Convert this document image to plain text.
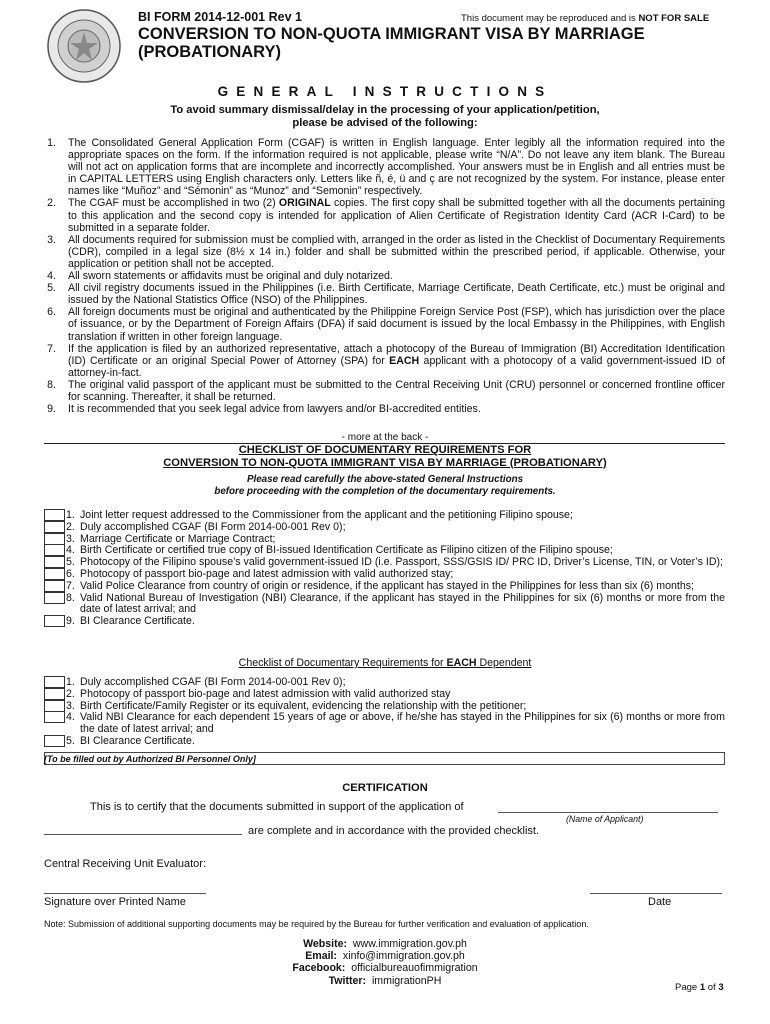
BI FORM 2014-12-001 Rev 1	This document may be reproduced and is NOT FOR SALE
CONVERSION TO NON-QUOTA IMMIGRANT VISA BY MARRIAGE
(PROBATIONARY)
GENERAL INSTRUCTIONS
To avoid summary dismissal/delay in the processing of your application/petition,
please be advised of the following:
1. The Consolidated General Application Form (CGAF) is written in English language. Enter legibly all the information required into the appropriate spaces on the form. If the information required is not applicable, please write “N/A”. Do not leave any item blank. The Bureau will not act on application forms that are incomplete and incorrectly accomplished. Your answers must be in English and all entries must be in CAPITAL LETTERS using English characters only. Letters like ñ, é, ü and ç are not recognized by the system. For instance, please enter names like “Muñoz” and “Sémonin” as “Munoz” and “Semonin” respectively.
2. The CGAF must be accomplished in two (2) ORIGINAL copies. The first copy shall be submitted together with all the documents pertaining to this application and the second copy is intended for application of Alien Certificate of Registration Identity Card (ACR I-Card) to be submitted in a separate folder.
3. All documents required for submission must be complied with, arranged in the order as listed in the Checklist of Documentary Requirements (CDR), compiled in a legal size (8½ x 14 in.) folder and shall be submitted within the prescribed period, if applicable. Otherwise, your application or petition shall not be accepted.
4. All sworn statements or affidavits must be original and duly notarized.
5. All civil registry documents issued in the Philippines (i.e. Birth Certificate, Marriage Certificate, Death Certificate, etc.) must be original and issued by the National Statistics Office (NSO) of the Philippines.
6. All foreign documents must be original and authenticated by the Philippine Foreign Service Post (FSP), which has jurisdiction over the place of issuance, or by the Department of Foreign Affairs (DFA) if said document is issued by the local Embassy in the Philippines, with English translation if written in other foreign language.
7. If the application is filed by an authorized representative, attach a photocopy of the Bureau of Immigration (BI) Accreditation Identification (ID) Certificate or an original Special Power of Attorney (SPA) for EACH applicant with a photocopy of a valid government-issued ID of attorney-in-fact.
8. The original valid passport of the applicant must be submitted to the Central Receiving Unit (CRU) personnel or concerned frontline officer for scanning. Thereafter, it shall be returned.
9. It is recommended that you seek legal advice from lawyers and/or BI-accredited entities.
- more at the back -
CHECKLIST OF DOCUMENTARY REQUIREMENTS FOR
CONVERSION TO NON-QUOTA IMMIGRANT VISA BY MARRIAGE (PROBATIONARY)
Please read carefully the above-stated General Instructions
before proceeding with the completion of the documentary requirements.
1. Joint letter request addressed to the Commissioner from the applicant and the petitioning Filipino spouse;
2. Duly accomplished CGAF (BI Form 2014-00-001 Rev 0);
3. Marriage Certificate or Marriage Contract;
4. Birth Certificate or certified true copy of BI-issued Identification Certificate as Filipino citizen of the Filipino spouse;
5. Photocopy of the Filipino spouse’s valid government-issued ID (i.e. Passport, SSS/GSIS ID/ PRC ID, Driver’s License, TIN, or Voter’s ID);
6. Photocopy of passport bio-page and latest admission with valid authorized stay;
7. Valid Police Clearance from country of origin or residence, if the applicant has stayed in the Philippines for less than six (6) months;
8. Valid National Bureau of Investigation (NBI) Clearance, if the applicant has stayed in the Philippines for six (6) months or more from the date of latest arrival; and
9. BI Clearance Certificate.
Checklist of Documentary Requirements for EACH Dependent
1. Duly accomplished CGAF (BI Form 2014-00-001 Rev 0);
2. Photocopy of passport bio-page and latest admission with valid authorized stay
3. Birth Certificate/Family Register or its equivalent, evidencing the relationship with the petitioner;
4. Valid NBI Clearance for each dependent 15 years of age or above, if he/she has stayed in the Philippines for six (6) months or more from the date of latest arrival; and
5. BI Clearance Certificate.
[To be filled out by Authorized BI Personnel Only]
CERTIFICATION
This is to certify that the documents submitted in support of the application of
(Name of Applicant)
are complete and in accordance with the provided checklist.
Central Receiving Unit Evaluator:
Signature over Printed Name	Date
Note: Submission of additional supporting documents may be required by the Bureau for further verification and evaluation of application.
Website: www.immigration.gov.ph
Email: xinfo@immigration.gov.ph
Facebook: officialbureauofimmigration
Twitter: immigrationPH
Page 1 of 3
